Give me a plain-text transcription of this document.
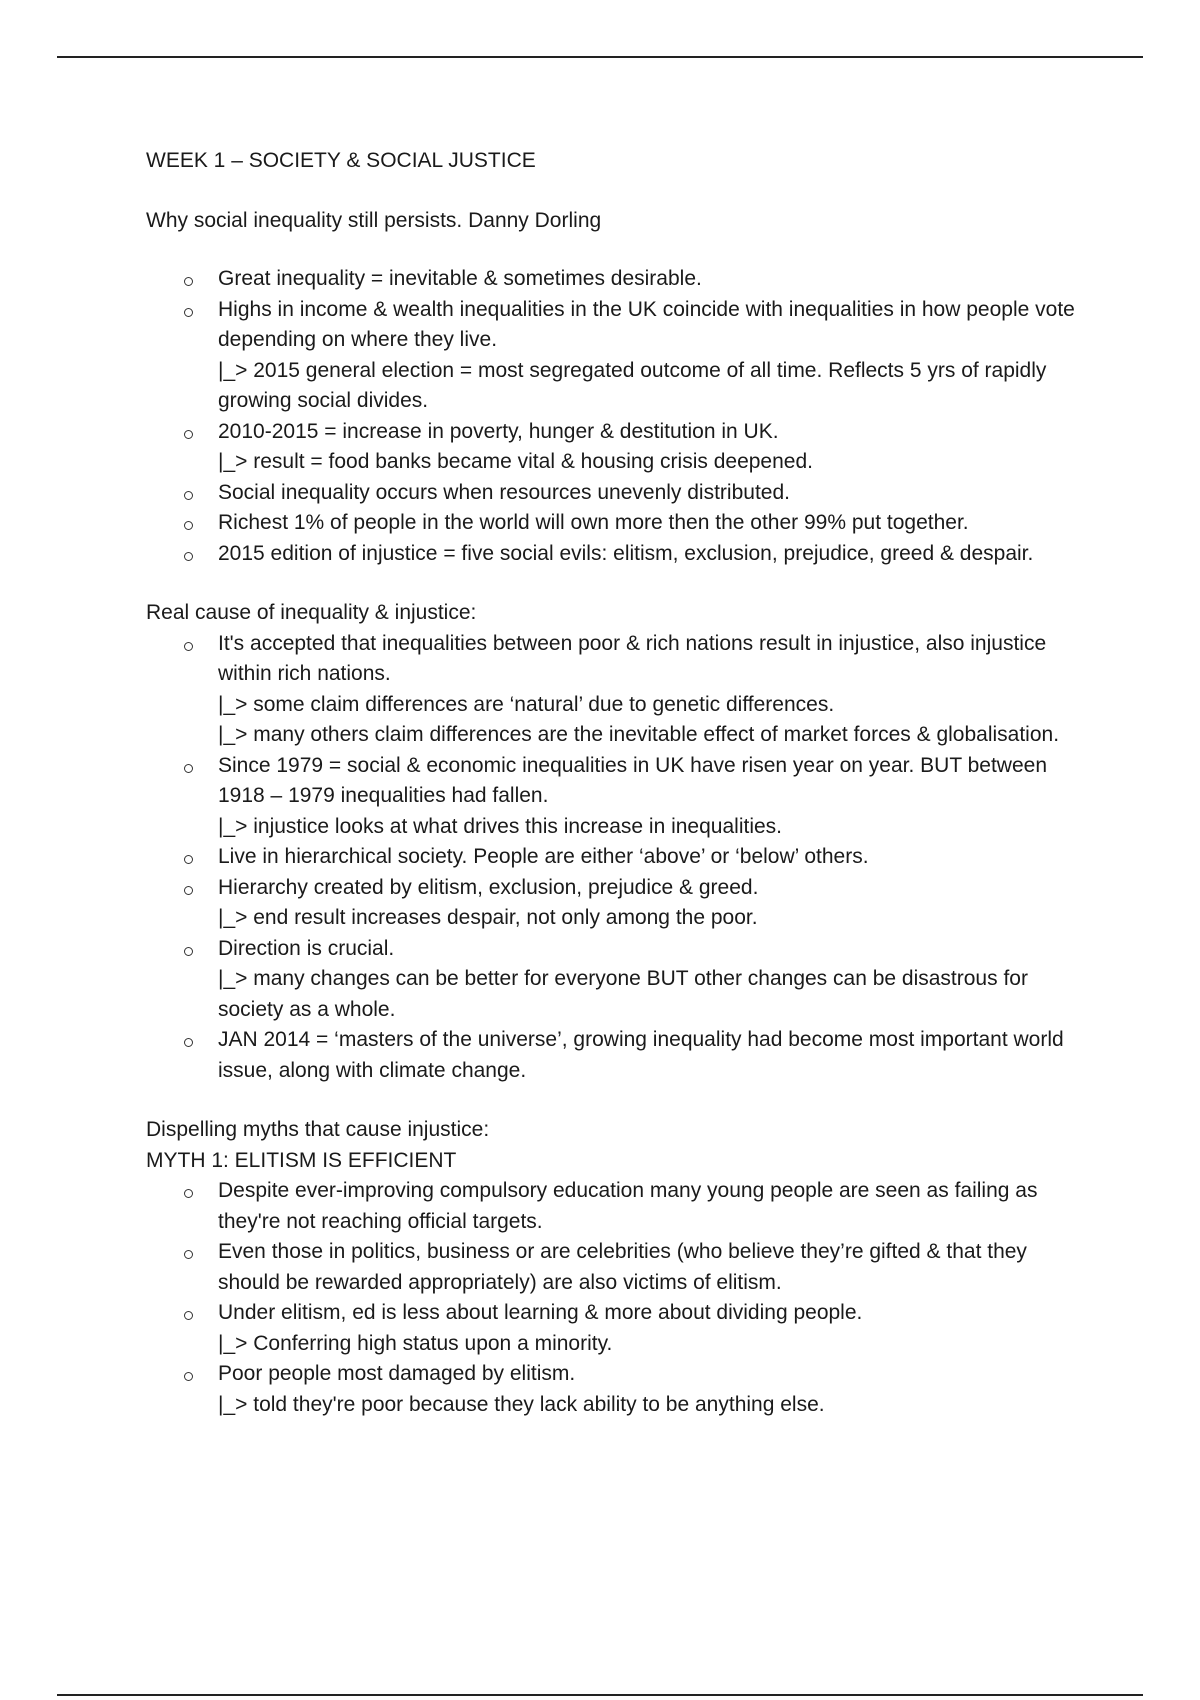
WEEK 1 – SOCIETY & SOCIAL JUSTICE

Why social inequality still persists. Danny Dorling

Great inequality = inevitable & sometimes desirable.
Highs in income & wealth inequalities in the UK coincide with inequalities in how people vote depending on where they live.
|_> 2015 general election = most segregated outcome of all time. Reflects 5 yrs of rapidly growing social divides.
2010-2015 = increase in poverty, hunger & destitution in UK.
|_> result = food banks became vital & housing crisis deepened.
Social inequality occurs when resources unevenly distributed.
Richest 1% of people in the world will own more then the other 99% put together.
2015 edition of injustice = five social evils: elitism, exclusion, prejudice, greed & despair.

Real cause of inequality & injustice:

It's accepted that inequalities between poor & rich nations result in injustice, also injustice within rich nations.
|_> some claim differences are ‘natural’ due to genetic differences.
|_> many others claim differences are the inevitable effect of market forces & globalisation.
Since 1979 = social & economic inequalities in UK have risen year on year. BUT between 1918 – 1979 inequalities had fallen.
|_> injustice looks at what drives this increase in inequalities.
Live in hierarchical society. People are either ‘above’ or ‘below’ others.
Hierarchy created by elitism, exclusion, prejudice & greed.
|_> end result increases despair, not only among the poor.
Direction is crucial.
|_> many changes can be better for everyone BUT other changes can be disastrous for society as a whole.
JAN 2014 = ‘masters of the universe’, growing inequality had become most important world issue, along with climate change.

Dispelling myths that cause injustice:

MYTH 1: ELITISM IS EFFICIENT

Despite ever-improving compulsory education many young people are seen as failing as they're not reaching official targets.
Even those in politics, business or are celebrities (who believe they’re gifted & that they should be rewarded appropriately) are also victims of elitism.
Under elitism, ed is less about learning & more about dividing people.
|_> Conferring high status upon a minority.
Poor people most damaged by elitism.
|_> told they're poor because they lack ability to be anything else.
